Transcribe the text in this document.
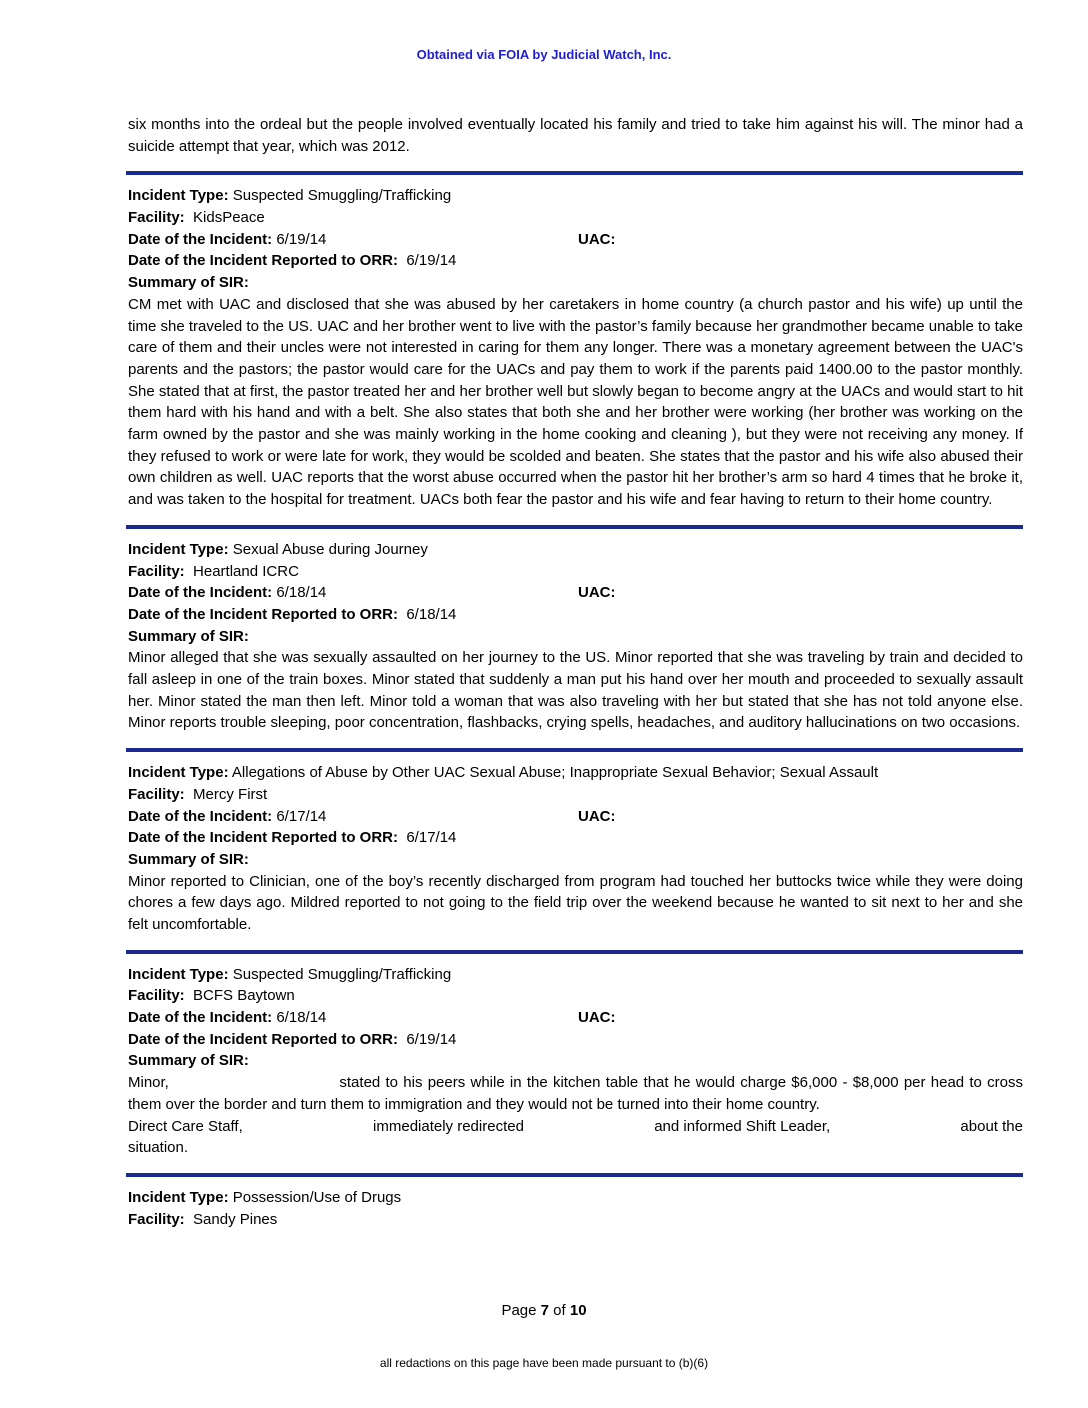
Obtained via FOIA by Judicial Watch, Inc.

six months into the ordeal but the people involved eventually located his family and tried to take him against his will. The minor had a suicide attempt that year, which was 2012.

Incident Type: Suspected Smuggling/Trafficking
Facility: KidsPeace
Date of the Incident: 6/19/14	UAC:
Date of the Incident Reported to ORR: 6/19/14
Summary of SIR:

CM met with UAC and disclosed that she was abused by her caretakers in home country (a church pastor and his wife) up until the time she traveled to the US. UAC and her brother went to live with the pastor’s family because her grandmother became unable to take care of them and their uncles were not interested in caring for them any longer. There was a monetary agreement between the UAC's parents and the pastors; the pastor would care for the UACs and pay them to work if the parents paid 1400.00 to the pastor monthly. She stated that at first, the pastor treated her and her brother well but slowly began to become angry at the UACs and would start to hit them hard with his hand and with a belt. She also states that both she and her brother were working (her brother was working on the farm owned by the pastor and she was mainly working in the home cooking and cleaning ), but they were not receiving any money. If they refused to work or were late for work, they would be scolded and beaten. She states that the pastor and his wife also abused their own children as well. UAC reports that the worst abuse occurred when the pastor hit her brother’s arm so hard 4 times that he broke it, and was taken to the hospital for treatment. UACs both fear the pastor and his wife and fear having to return to their home country.

Incident Type: Sexual Abuse during Journey
Facility: Heartland ICRC
Date of the Incident: 6/18/14	UAC:
Date of the Incident Reported to ORR: 6/18/14
Summary of SIR:

Minor alleged that she was sexually assaulted on her journey to the US. Minor reported that she was traveling by train and decided to fall asleep in one of the train boxes. Minor stated that suddenly a man put his hand over her mouth and proceeded to sexually assault her. Minor stated the man then left. Minor told a woman that was also traveling with her but stated that she has not told anyone else. Minor reports trouble sleeping, poor concentration, flashbacks, crying spells, headaches, and auditory hallucinations on two occasions.

Incident Type: Allegations of Abuse by Other UAC Sexual Abuse; Inappropriate Sexual Behavior; Sexual Assault
Facility: Mercy First
Date of the Incident: 6/17/14	UAC:
Date of the Incident Reported to ORR: 6/17/14
Summary of SIR:

Minor reported to Clinician, one of the boy’s recently discharged from program had touched her buttocks twice while they were doing chores a few days ago. Mildred reported to not going to the field trip over the weekend because he wanted to sit next to her and she felt uncomfortable.

Incident Type: Suspected Smuggling/Trafficking
Facility: BCFS Baytown
Date of the Incident: 6/18/14	UAC:
Date of the Incident Reported to ORR: 6/19/14
Summary of SIR:

Minor,	stated to his peers while in the kitchen table that he would charge $6,000 - $8,000 per head to cross them over the border and turn them to immigration and they would not be turned into their home country.

Direct Care Staff,	immediately redirected	and informed Shift Leader,	about the
situation.
Incident Type: Possession/Use of Drugs
Facility: Sandy Pines
Page 7 of 10
all redactions on this page have been made pursuant to (b)(6)
